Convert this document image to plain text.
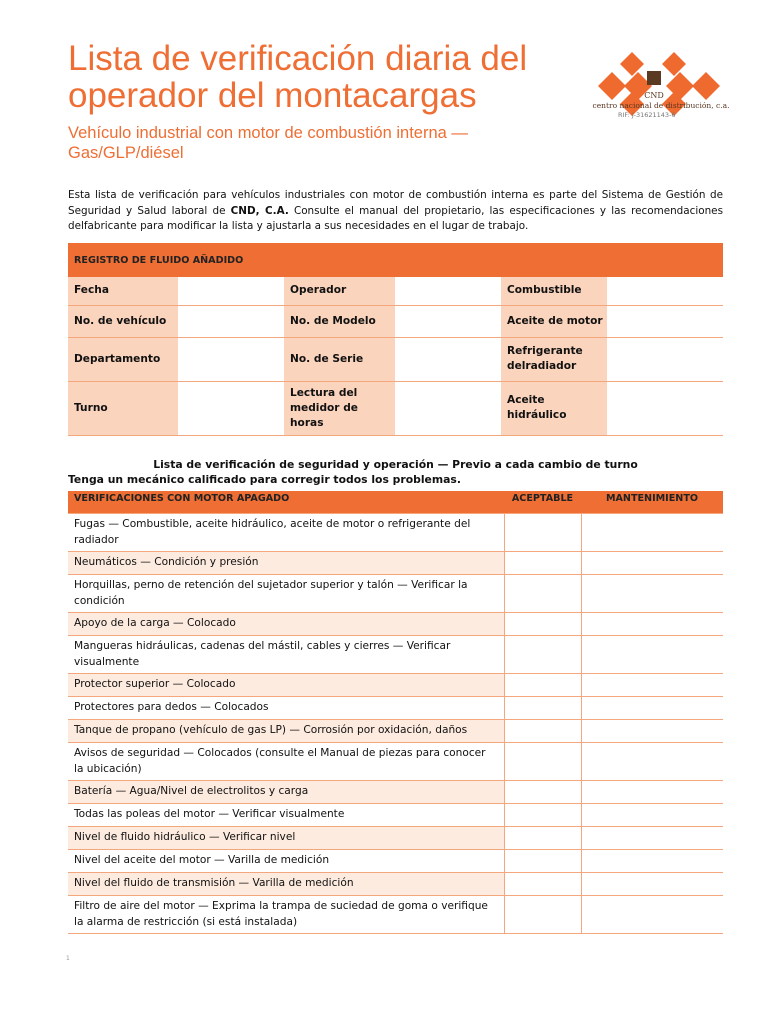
Lista de verificación diaria del operador del montacargas

Vehículo industrial con motor de combustión interna — Gas/GLP/diésel

CND
centro nacional de distribución, c.a.
RIF: J-31621143-6

Esta lista de verificación para vehículos industriales con motor de combustión interna es parte del Sistema de Gestión de Seguridad y Salud laboral de CND, C.A. Consulte el manual del propietario, las especificaciones y las recomendaciones delfabricante para modificar la lista y ajustarla a sus necesidades en el lugar de trabajo.

REGISTRO DE FLUIDO AÑADIDO					
Fecha		Operador		Combustible	
No. de vehículo		No. de Modelo		Aceite de motor	
Departamento		No. de Serie		Refrigerante delradiador	
Turno		Lectura del medidor de horas		Aceite hidráulico	
Lista de verificación de seguridad y operación — Previo a cada cambio de turno
Tenga un mecánico calificado para corregir todos los problemas.
VERIFICACIONES CON MOTOR APAGADO	ACEPTABLE	MANTENIMIENTO
Fugas — Combustible, aceite hidráulico, aceite de motor o refrigerante del radiador		
Neumáticos — Condición y presión		
Horquillas, perno de retención del sujetador superior y talón — Verificar la condición		
Apoyo de la carga — Colocado		
Mangueras hidráulicas, cadenas del mástil, cables y cierres — Verificar visualmente		
Protector superior — Colocado		
Protectores para dedos — Colocados		
Tanque de propano (vehículo de gas LP) — Corrosión por oxidación, daños		
Avisos de seguridad — Colocados (consulte el Manual de piezas para conocer la ubicación)		
Batería — Agua/Nivel de electrolitos y carga		
Todas las poleas del motor — Verificar visualmente		
Nivel de fluido hidráulico — Verificar nivel		
Nivel del aceite del motor — Varilla de medición		
Nivel del fluido de transmisión — Varilla de medición		
Filtro de aire del motor — Exprima la trampa de suciedad de goma o verifique la alarma de restricción (si está instalada)		
1
